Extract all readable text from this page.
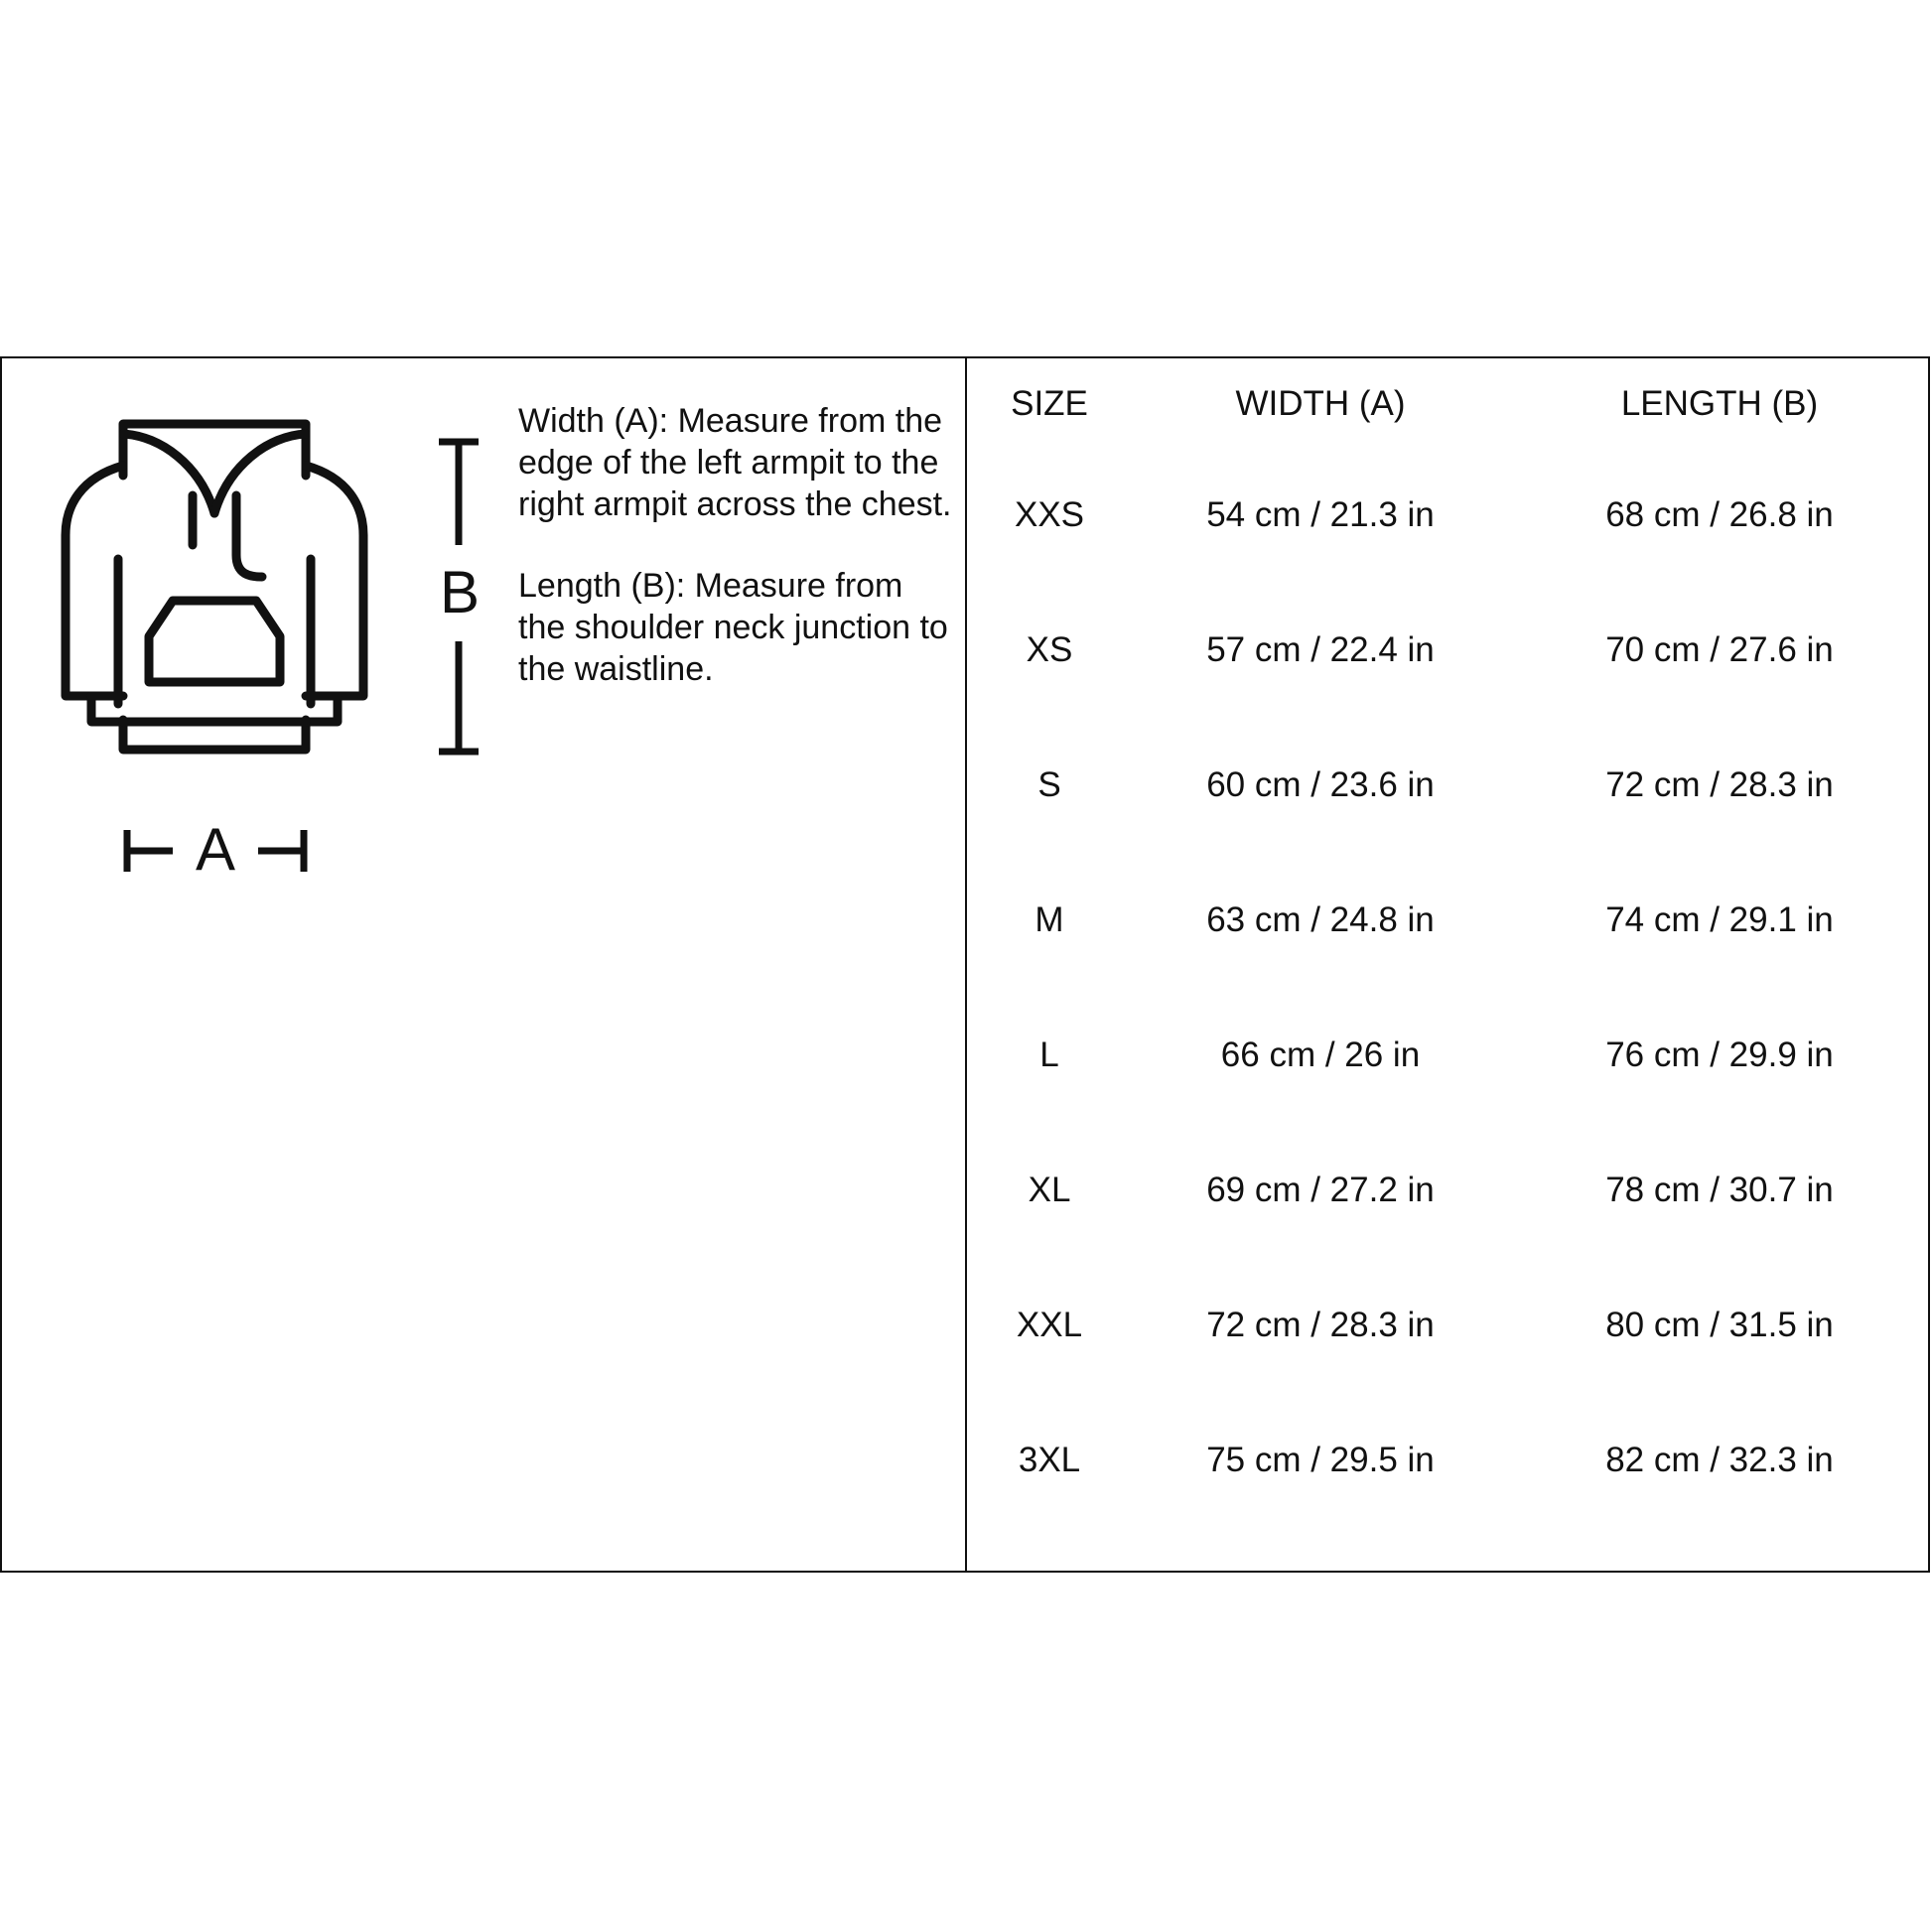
A
B

Width (A): Measure from the edge of the left armpit to the right armpit across the chest.

Length (B): Measure from the shoulder neck junction to the waistline.

SIZE	WIDTH (A)	LENGTH (B)
XXS	54 cm / 21.3 in	68 cm / 26.8 in
XS	57 cm / 22.4 in	70 cm / 27.6 in
S	60 cm / 23.6 in	72 cm / 28.3 in
M	63 cm / 24.8 in	74 cm / 29.1 in
L	66 cm / 26 in	76 cm / 29.9 in
XL	69 cm / 27.2 in	78 cm / 30.7 in
XXL	72 cm / 28.3 in	80 cm / 31.5 in
3XL	75 cm / 29.5 in	82 cm / 32.3 in
